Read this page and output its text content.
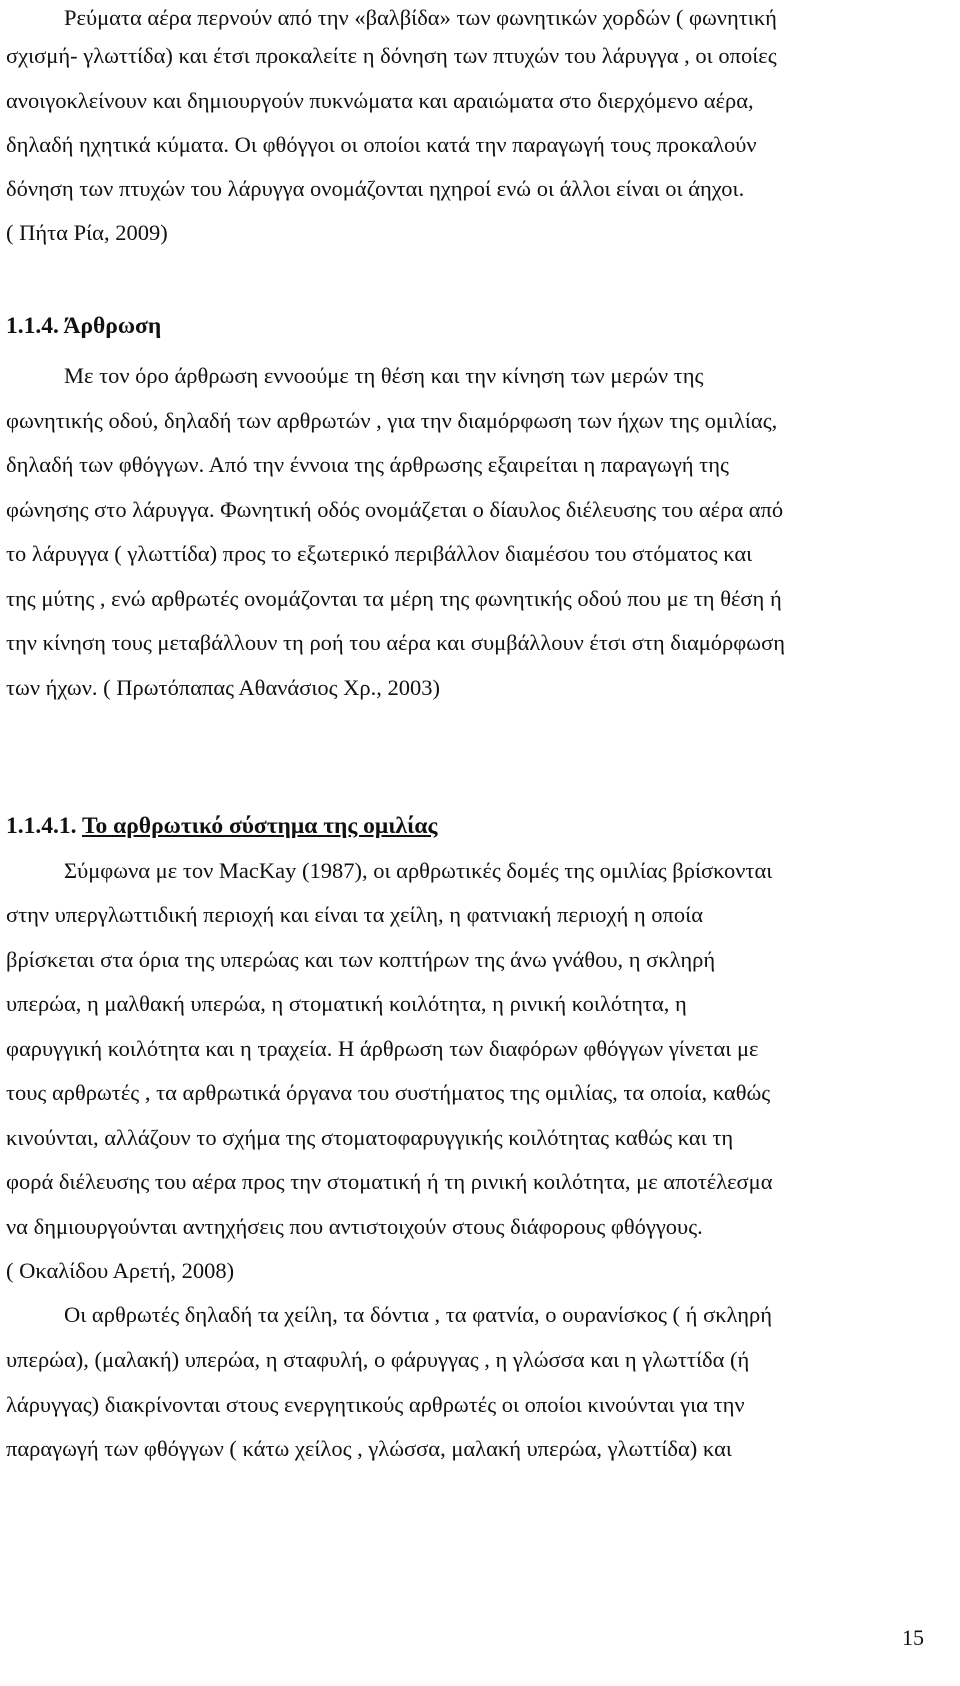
Ρεύματα αέρα περνούν από την «βαλβίδα» των φωνητικών χορδών ( φωνητική
σχισμή- γλωττίδα) και έτσι προκαλείτε η δόνηση των πτυχών του λάρυγγα , οι οποίες
ανοιγοκλείνουν και δημιουργούν πυκνώματα και αραιώματα στο διερχόμενο αέρα,
δηλαδή ηχητικά κύματα. Οι φθόγγοι οι οποίοι κατά την παραγωγή τους προκαλούν
δόνηση των πτυχών του λάρυγγα ονομάζονται ηχηροί ενώ οι άλλοι είναι οι άηχοι.
( Πήτα Ρία, 2009)
1.1.4. Άρθρωση
Με τον όρο άρθρωση εννοούμε τη θέση και την κίνηση των μερών της
φωνητικής οδού, δηλαδή των αρθρωτών , για την διαμόρφωση των ήχων της ομιλίας,
δηλαδή των φθόγγων. Από την έννοια της άρθρωσης εξαιρείται η παραγωγή της
φώνησης στο λάρυγγα. Φωνητική οδός ονομάζεται ο δίαυλος διέλευσης του αέρα από
το λάρυγγα ( γλωττίδα) προς το εξωτερικό περιβάλλον διαμέσου του στόματος και
της μύτης , ενώ αρθρωτές ονομάζονται τα μέρη της φωνητικής οδού που με τη θέση ή
την κίνηση τους μεταβάλλουν τη ροή του αέρα και συμβάλλουν έτσι στη διαμόρφωση
των ήχων. ( Πρωτόπαπας Αθανάσιος Χρ., 2003)
1.1.4.1. Το αρθρωτικό σύστημα της ομιλίας
Σύμφωνα με τον MacKay (1987), οι αρθρωτικές δομές της ομιλίας βρίσκονται
στην υπεργλωττιδική περιοχή και είναι τα χείλη, η φατνιακή περιοχή η οποία
βρίσκεται στα όρια της υπερώας και των κοπτήρων της άνω γνάθου, η σκληρή
υπερώα, η μαλθακή υπερώα, η στοματική κοιλότητα, η ρινική κοιλότητα, η
φαρυγγική κοιλότητα και η τραχεία. Η άρθρωση των διαφόρων φθόγγων γίνεται με
τους αρθρωτές , τα αρθρωτικά όργανα του συστήματος της ομιλίας, τα οποία, καθώς
κινούνται, αλλάζουν το σχήμα της στοματοφαρυγγικής κοιλότητας καθώς και τη
φορά διέλευσης του αέρα προς την στοματική ή τη ρινική κοιλότητα, με αποτέλεσμα
να δημιουργούνται αντηχήσεις που αντιστοιχούν στους διάφορους φθόγγους.
( Οκαλίδου Αρετή, 2008)
Οι αρθρωτές δηλαδή τα χείλη, τα δόντια , τα φατνία, ο ουρανίσκος ( ή σκληρή
υπερώα), (μαλακή) υπερώα, η σταφυλή, ο φάρυγγας , η γλώσσα και η γλωττίδα (ή
λάρυγγας) διακρίνονται στους ενεργητικούς αρθρωτές οι οποίοι κινούνται για την
παραγωγή των φθόγγων ( κάτω χείλος , γλώσσα, μαλακή υπερώα, γλωττίδα) και
15
